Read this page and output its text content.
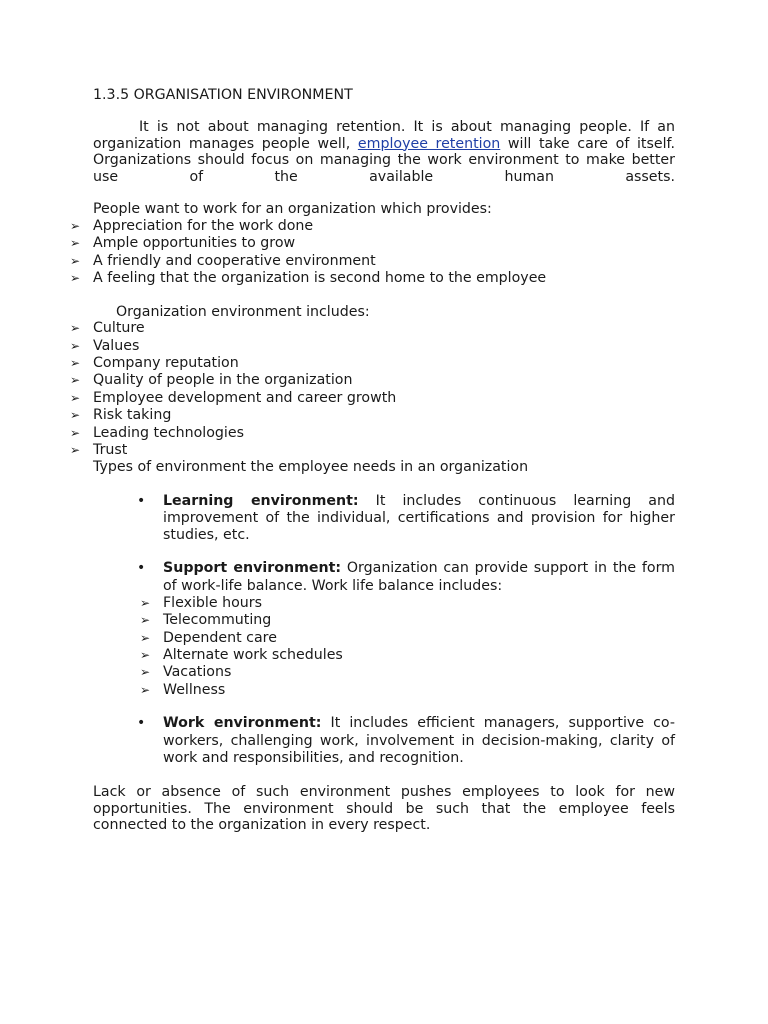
1.3.5 ORGANISATION ENVIRONMENT

It is not about managing retention. It is about managing people. If an organization manages people well, employee retention will take care of itself. Organizations should focus on managing the work environment to make better use of the available human assets.

People want to work for an organization which provides:

➢ Appreciation for the work done
➢ Ample opportunities to grow
➢ A friendly and cooperative environment
➢ A feeling that the organization is second home to the employee

Organization environment includes:

➢ Culture
➢ Values
➢ Company reputation
➢ Quality of people in the organization
➢ Employee development and career growth
➢ Risk taking
➢ Leading technologies
➢ Trust
Types of environment the employee needs in an organization
• Learning environment: It includes continuous learning and improvement of the individual, certifications and provision for higher studies, etc.
• Support environment: Organization can provide support in the form of work-life balance. Work life balance includes:
➢ Flexible hours
➢ Telecommuting
➢ Dependent care
➢ Alternate work schedules
➢ Vacations
➢ Wellness
• Work environment: It includes efficient managers, supportive co-workers, challenging work, involvement in decision-making, clarity of work and responsibilities, and recognition.

Lack or absence of such environment pushes employees to look for new opportunities. The environment should be such that the employee feels connected to the organization in every respect.
